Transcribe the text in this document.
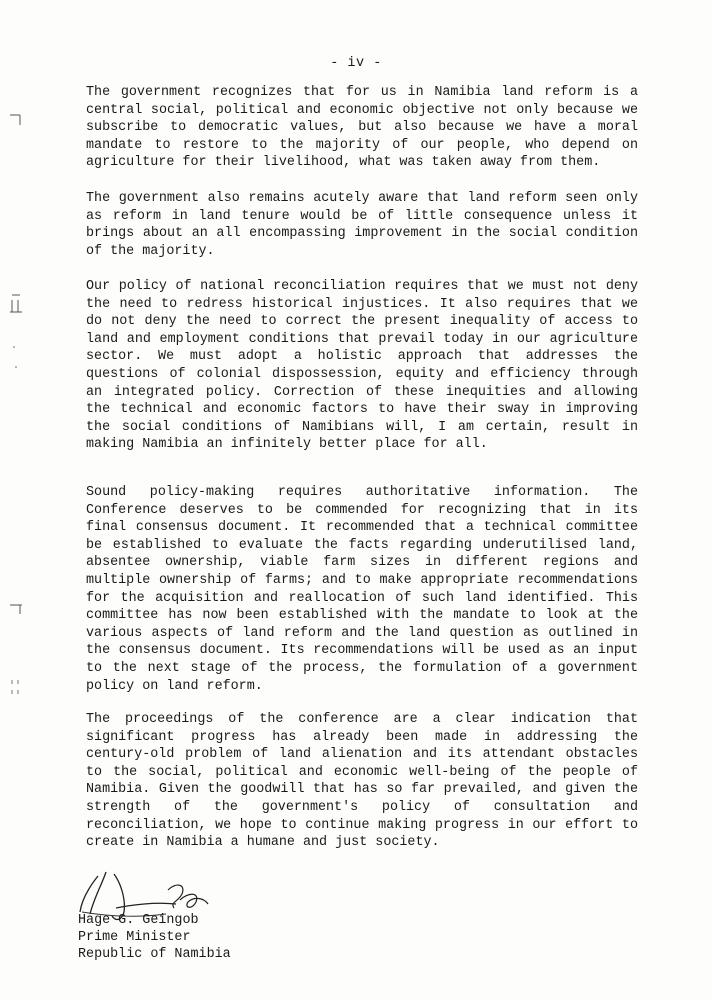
- iv -

The government recognizes that for us in Namibia land reform is a central social, political and economic objective not only because we subscribe to democratic values, but also because we have a moral mandate to restore to the majority of our people, who depend on agriculture for their livelihood, what was taken away from them.

The government also remains acutely aware that land reform seen only as reform in land tenure would be of little consequence unless it brings about an all encompassing improvement in the social condition of the majority.

Our policy of national reconciliation requires that we must not deny the need to redress historical injustices. It also requires that we do not deny the need to correct the present inequality of access to land and employment conditions that prevail today in our agriculture sector. We must adopt a holistic approach that addresses the questions of colonial dispossession, equity and efficiency through an integrated policy. Correction of these inequities and allowing the technical and economic factors to have their sway in improving the social conditions of Namibians will, I am certain, result in making Namibia an infinitely better place for all.

Sound policy-making requires authoritative information. The Conference deserves to be commended for recognizing that in its final consensus document. It recommended that a technical committee be established to evaluate the facts regarding underutilised land, absentee ownership, viable farm sizes in different regions and multiple ownership of farms; and to make appropriate recommendations for the acquisition and reallocation of such land identified. This committee has now been established with the mandate to look at the various aspects of land reform and the land question as outlined in the consensus document. Its recommendations will be used as an input to the next stage of the process, the formulation of a government policy on land reform.

The proceedings of the conference are a clear indication that significant progress has already been made in addressing the century-old problem of land alienation and its attendant obstacles to the social, political and economic well-being of the people of Namibia. Given the goodwill that has so far prevailed, and given the strength of the government's policy of consultation and reconciliation, we hope to continue making progress in our effort to create in Namibia a humane and just society.

Hage G. Geingob
Prime Minister
Republic of Namibia
